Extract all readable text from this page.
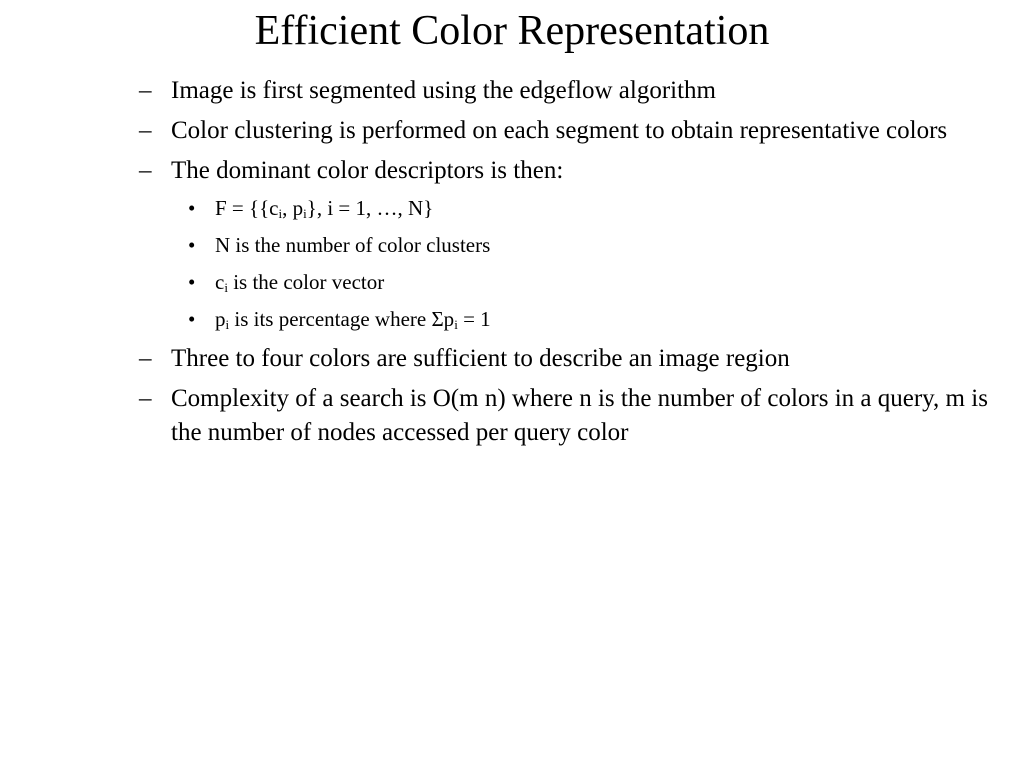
Efficient Color Representation
– Image is first segmented using the edgeflow algorithm
– Color clustering is performed on each segment to obtain representative colors
– The dominant color descriptors is then:
• $F = \{\{c_i$, $p_i$}, i = 1, …, N}
• N is the number of color clusters
• $c_i$ is the color vector
• $p_i$ is its percentage where $\Sigma p_i = 1$
– Three to four colors are sufficient to describe an image region
– Complexity of a search is O(m n) where n is the number of colors in a query, m is the number of nodes accessed per query color
